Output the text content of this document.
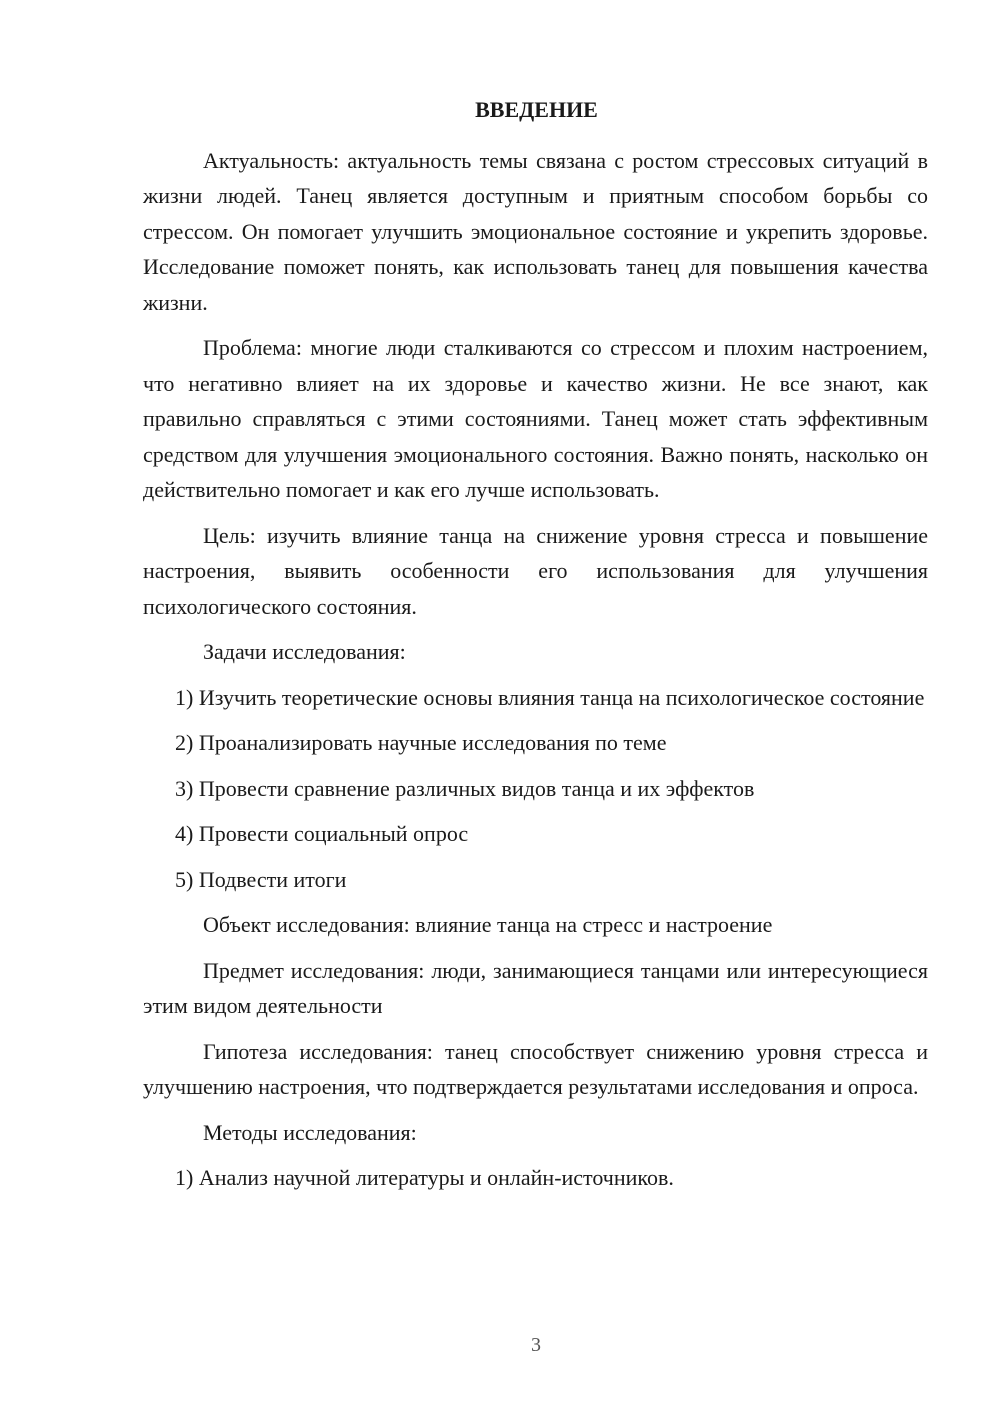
ВВЕДЕНИЕ

Актуальность: актуальность темы связана с ростом стрессовых ситуаций в жизни людей. Танец является доступным и приятным способом борьбы со стрессом. Он помогает улучшить эмоциональное состояние и укрепить здоровье. Исследование поможет понять, как использовать танец для повышения качества жизни.

Проблема: многие люди сталкиваются со стрессом и плохим настроением, что негативно влияет на их здоровье и качество жизни. Не все знают, как правильно справляться с этими состояниями. Танец может стать эффективным средством для улучшения эмоционального состояния. Важно понять, насколько он действительно помогает и как его лучше использовать.

Цель: изучить влияние танца на снижение уровня стресса и повышение настроения, выявить особенности его использования для улучшения психологического состояния.

Задачи исследования:

1) Изучить теоретические основы влияния танца на психологическое состояние

2) Проанализировать научные исследования по теме

3) Провести сравнение различных видов танца и их эффектов

4) Провести социальный опрос

5) Подвести итоги

Объект исследования: влияние танца на стресс и настроение

Предмет исследования: люди, занимающиеся танцами или интересующиеся этим видом деятельности

Гипотеза исследования: танец способствует снижению уровня стресса и улучшению настроения, что подтверждается результатами исследования и опроса.

Методы исследования:

1) Анализ научной литературы и онлайн-источников.

3
